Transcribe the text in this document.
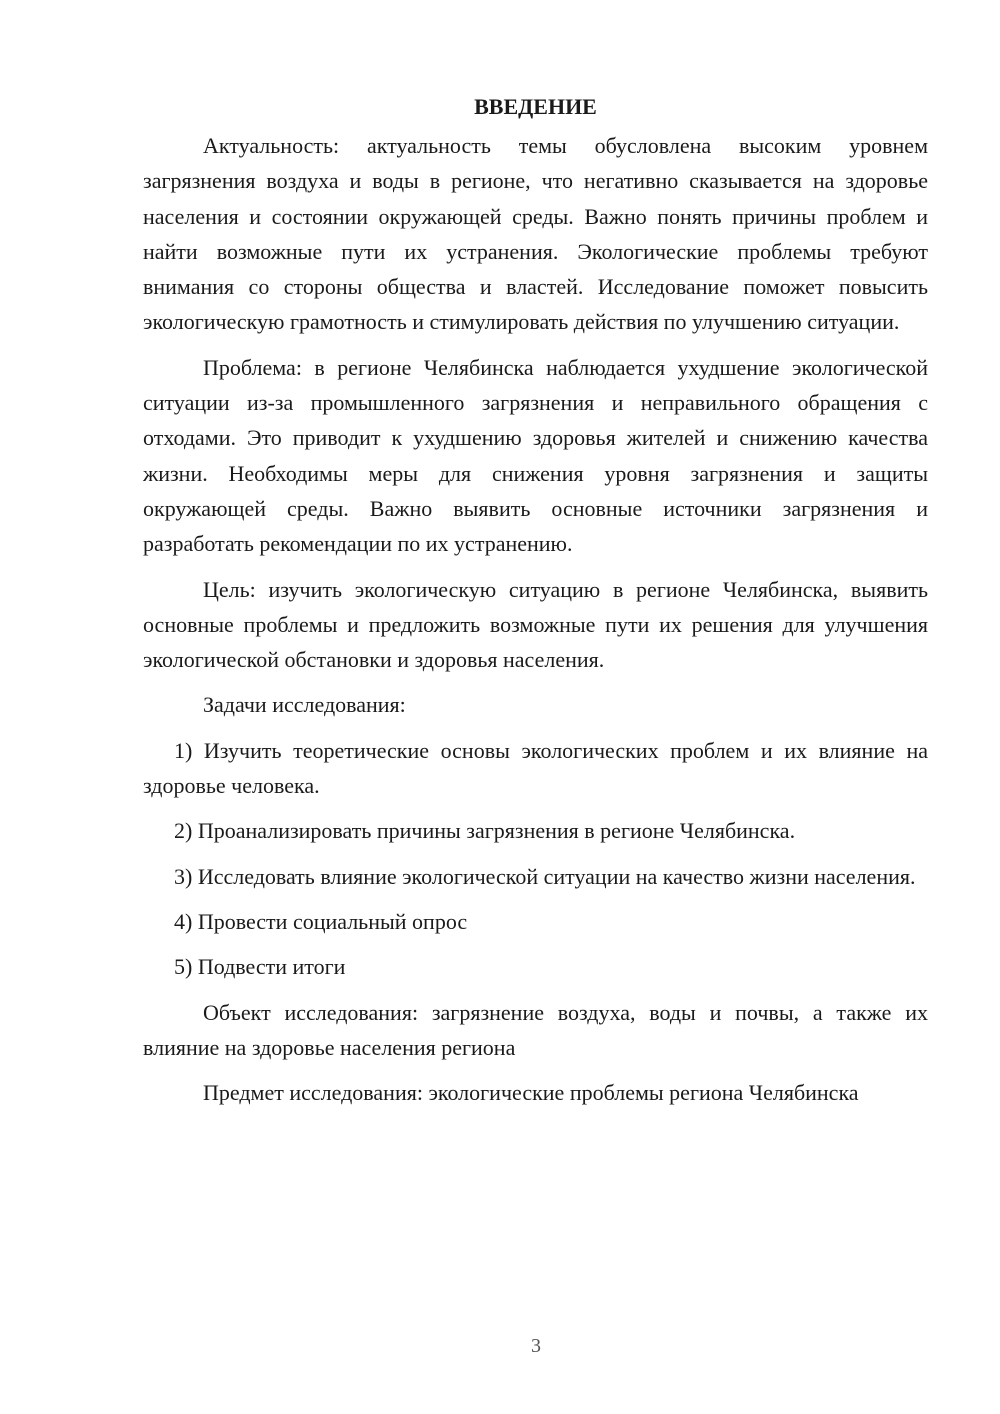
ВВЕДЕНИЕ

Актуальность: актуальность темы обусловлена высоким уровнем загрязнения воздуха и воды в регионе, что негативно сказывается на здоровье населения и состоянии окружающей среды. Важно понять причины проблем и найти возможные пути их устранения. Экологические проблемы требуют внимания со стороны общества и властей. Исследование поможет повысить экологическую грамотность и стимулировать действия по улучшению ситуации.

Проблема: в регионе Челябинска наблюдается ухудшение экологической ситуации из-за промышленного загрязнения и неправильного обращения с отходами. Это приводит к ухудшению здоровья жителей и снижению качества жизни. Необходимы меры для снижения уровня загрязнения и защиты окружающей среды. Важно выявить основные источники загрязнения и разработать рекомендации по их устранению.

Цель: изучить экологическую ситуацию в регионе Челябинска, выявить основные проблемы и предложить возможные пути их решения для улучшения экологической обстановки и здоровья населения.

Задачи исследования:

1) Изучить теоретические основы экологических проблем и их влияние на здоровье человека.

2) Проанализировать причины загрязнения в регионе Челябинска.

3) Исследовать влияние экологической ситуации на качество жизни населения.

4) Провести социальный опрос

5) Подвести итоги

Объект исследования: загрязнение воздуха, воды и почвы, а также их влияние на здоровье населения региона

Предмет исследования: экологические проблемы региона Челябинска

3
